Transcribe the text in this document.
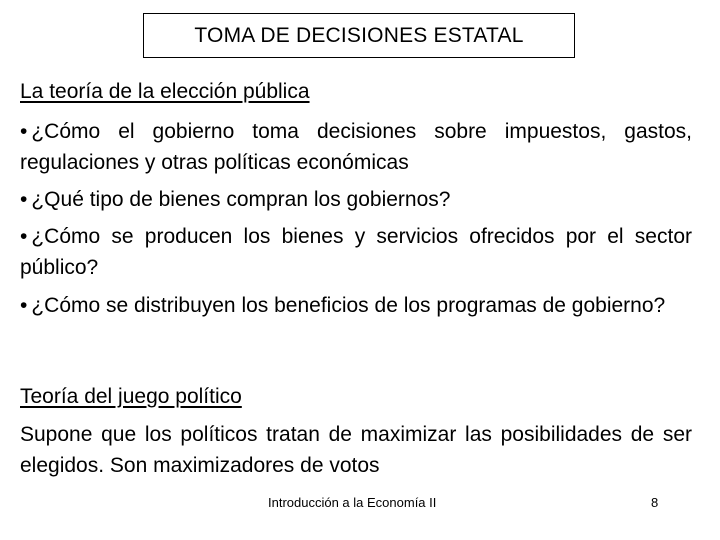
TOMA DE DECISIONES ESTATAL
La teoría de la elección pública
• ¿Cómo el gobierno toma decisiones sobre impuestos, gastos, regulaciones y otras políticas económicas
• ¿Qué tipo de bienes compran los gobiernos?
• ¿Cómo se producen los bienes y servicios ofrecidos por el sector público?
• ¿Cómo se distribuyen los beneficios de los programas de gobierno?
Teoría del juego político
Supone que los políticos tratan de maximizar las posibilidades de ser elegidos. Son maximizadores de votos
Introducción a la Economía II	8
